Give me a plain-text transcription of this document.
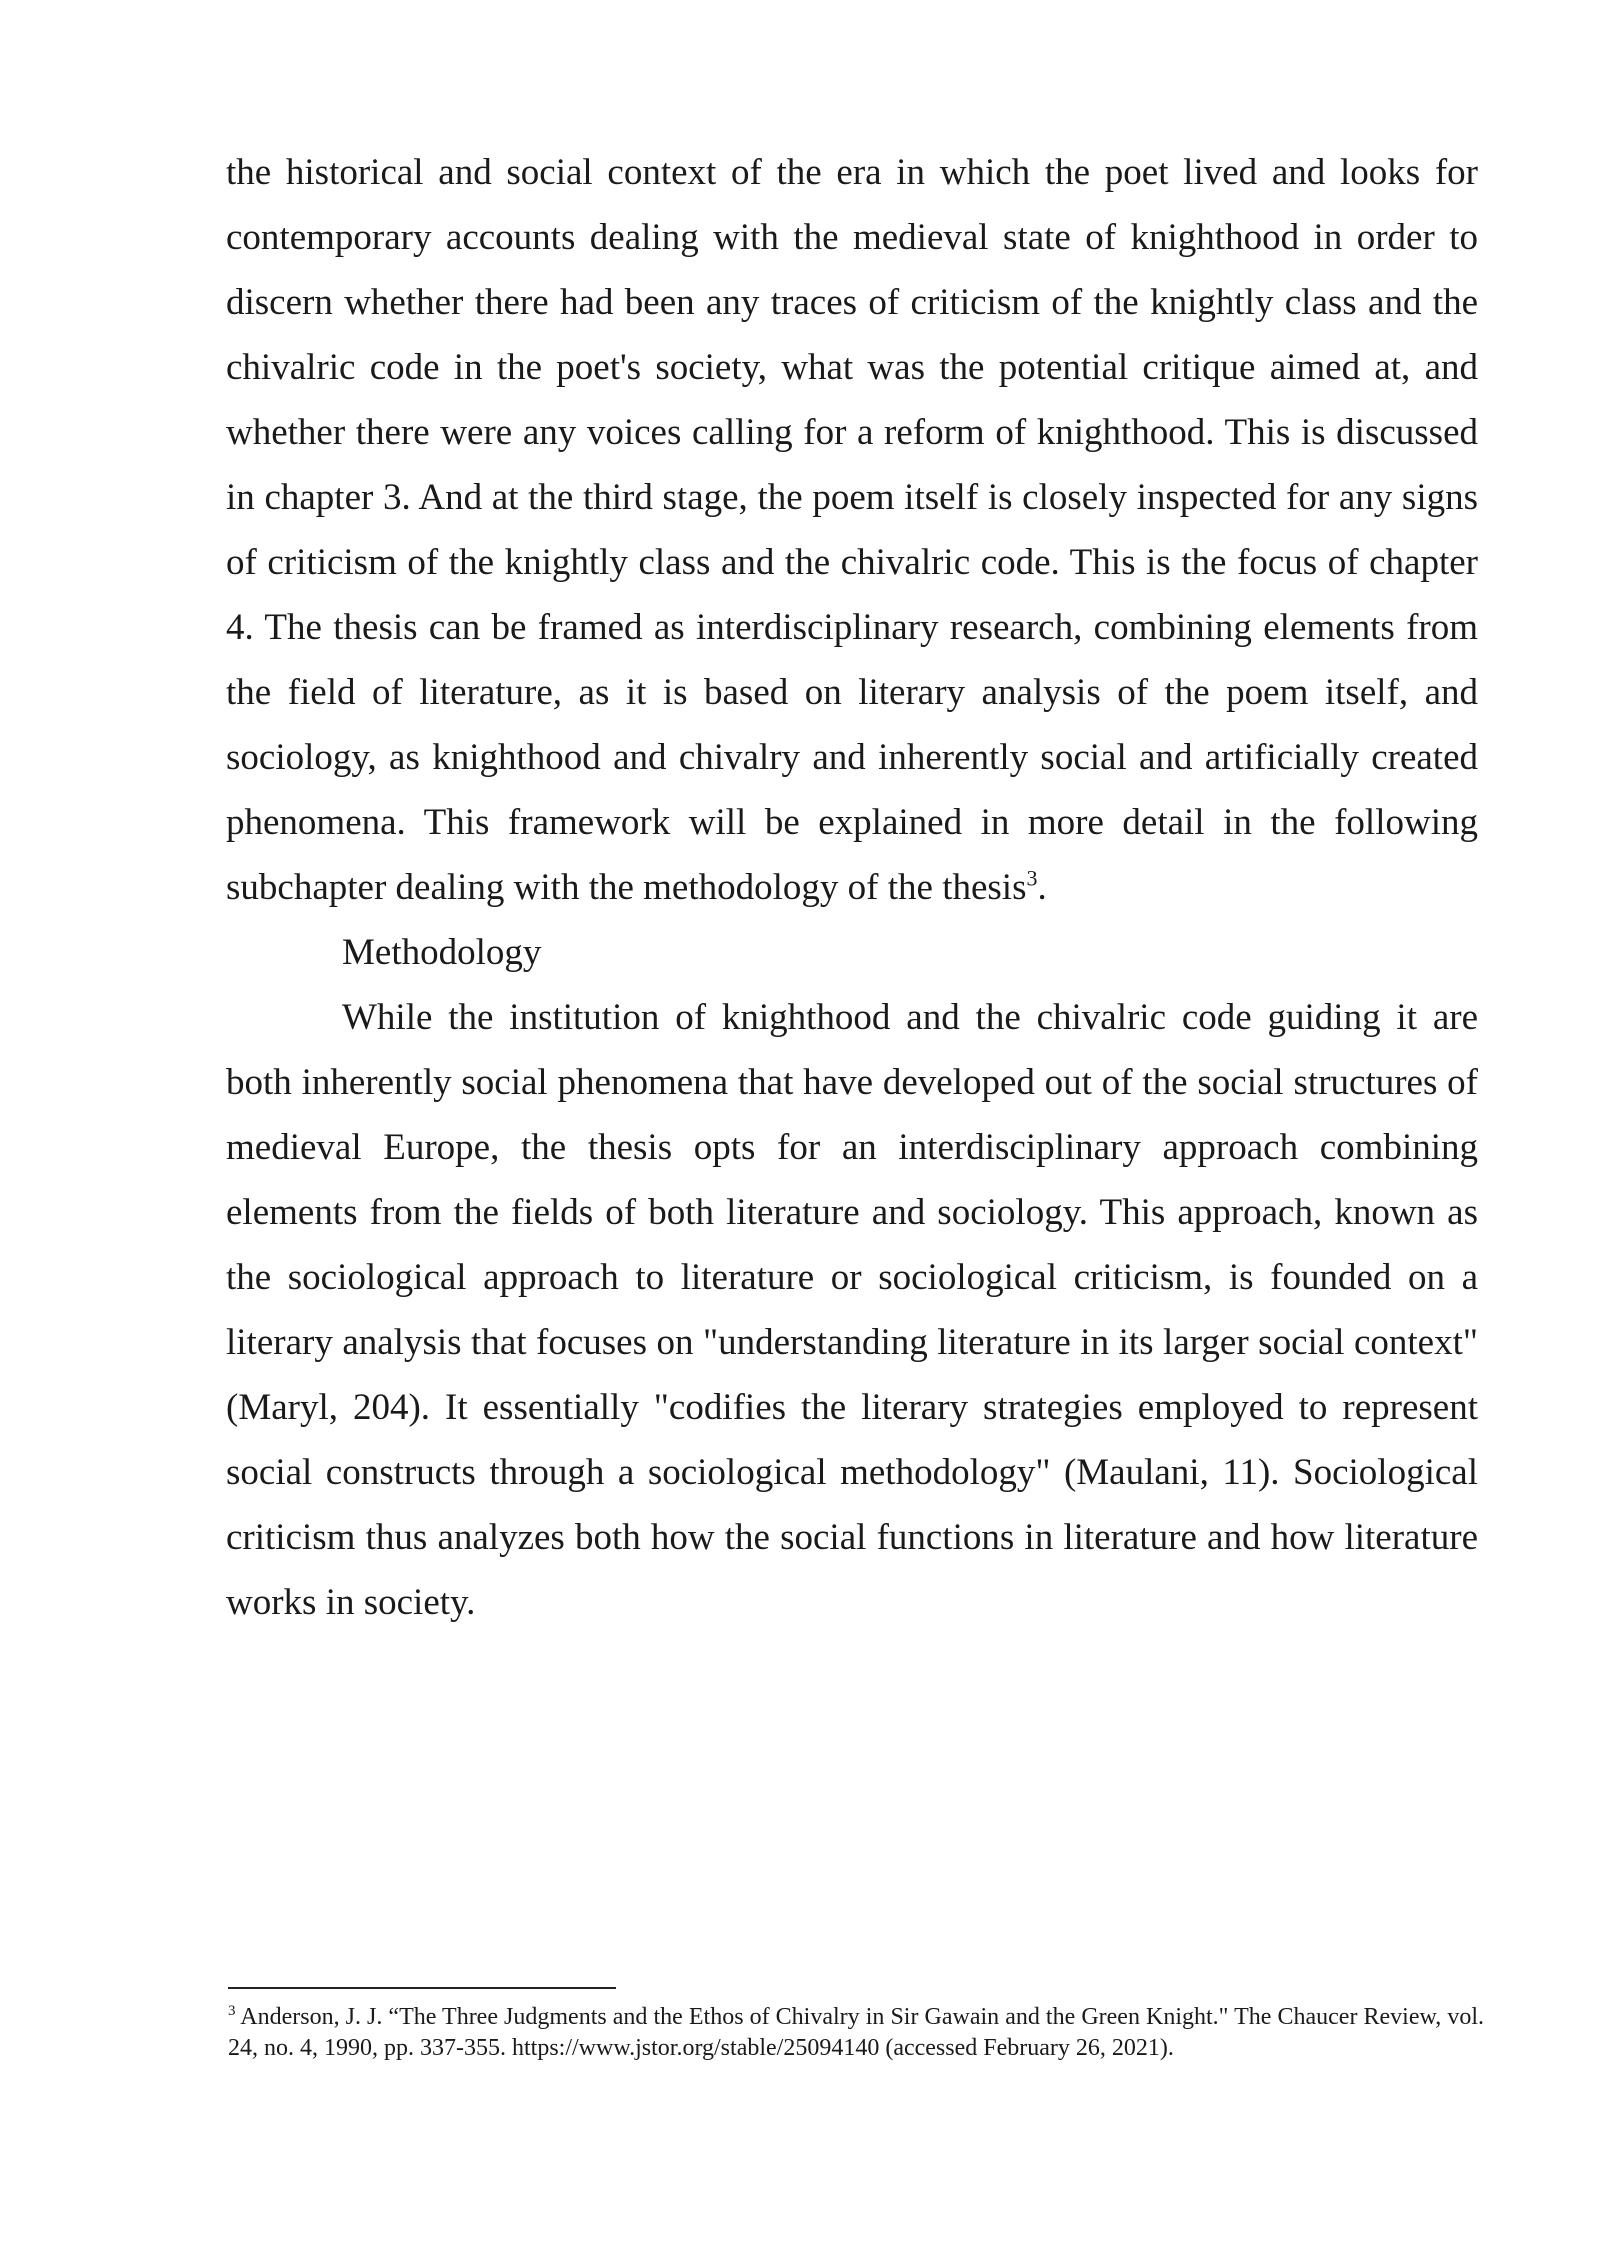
the historical and social context of the era in which the poet lived and looks for contemporary accounts dealing with the medieval state of knighthood in order to discern whether there had been any traces of criticism of the knightly class and the chivalric code in the poet's society, what was the potential critique aimed at, and whether there were any voices calling for a reform of knighthood. This is discussed in chapter 3. And at the third stage, the poem itself is closely inspected for any signs of criticism of the knightly class and the chivalric code. This is the focus of chapter 4. The thesis can be framed as interdisciplinary research, combining elements from the field of literature, as it is based on literary analysis of the poem itself, and sociology, as knighthood and chivalry and inherently social and artificially created phenomena. This framework will be explained in more detail in the following subchapter dealing with the methodology of the thesis$^3$.

Methodology

While the institution of knighthood and the chivalric code guiding it are both inherently social phenomena that have developed out of the social structures of medieval Europe, the thesis opts for an interdisciplinary approach combining elements from the fields of both literature and sociology. This approach, known as the sociological approach to literature or sociological criticism, is founded on a literary analysis that focuses on "understanding literature in its larger social context" (Maryl, 204). It essentially "codifies the literary strategies employed to represent social constructs through a sociological methodology" (Maulani, 11). Sociological criticism thus analyzes both how the social functions in literature and how literature works in society.

$^3$ Anderson, J. J. “The Three Judgments and the Ethos of Chivalry in Sir Gawain and the Green Knight." The Chaucer Review, vol. 24, no. 4, 1990, pp. 337-355. https://www.jstor.org/stable/25094140 (accessed February 26, 2021).
